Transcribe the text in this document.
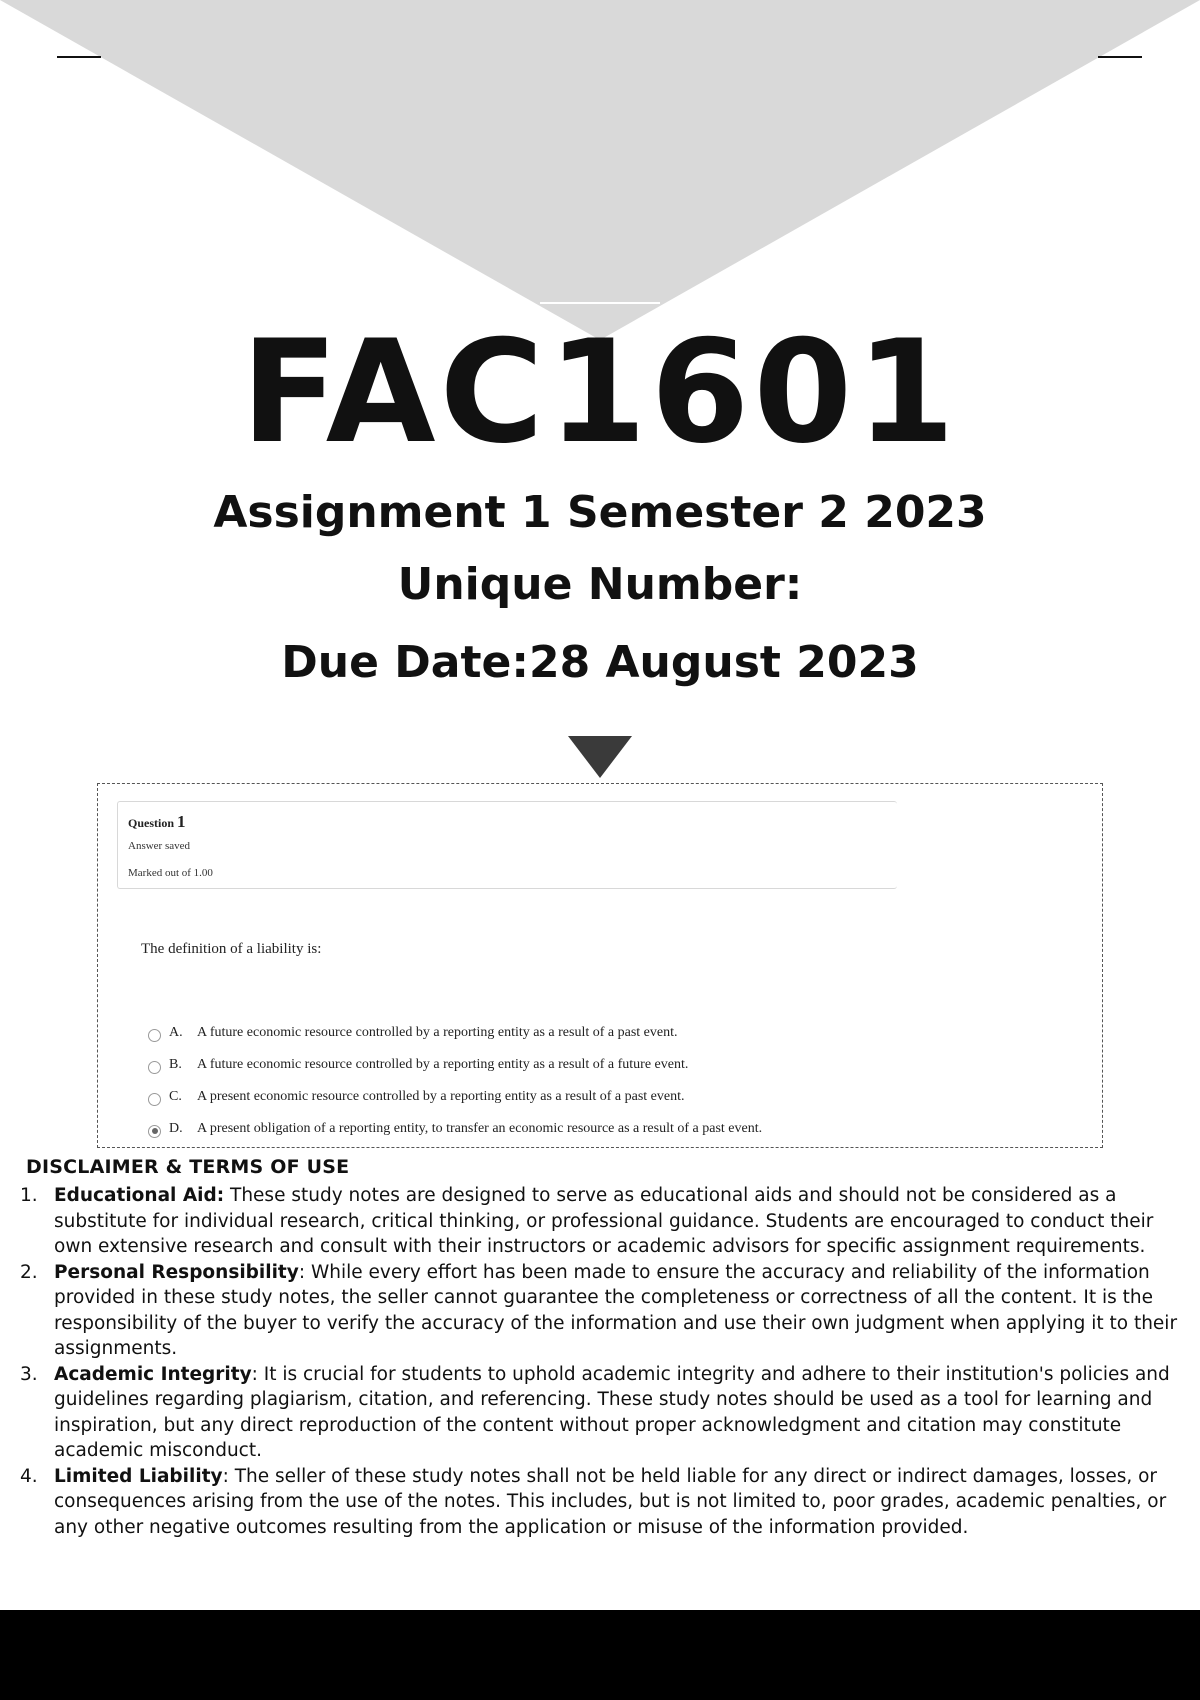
FAC1601
Assignment 1 Semester 2 2023
Unique Number:
Due Date:28 August 2023
Question 1
Answer saved
Marked out of 1.00
The definition of a liability is:
A.	A future economic resource controlled by a reporting entity as a result of a past event.
B.	A future economic resource controlled by a reporting entity as a result of a future event.
C.	A present economic resource controlled by a reporting entity as a result of a past event.
D.	A present obligation of a reporting entity, to transfer an economic resource as a result of a past event.
DISCLAIMER & TERMS OF USE
1. Educational Aid: These study notes are designed to serve as educational aids and should not be considered as a substitute for individual research, critical thinking, or professional guidance. Students are encouraged to conduct their own extensive research and consult with their instructors or academic advisors for specific assignment requirements.
2. Personal Responsibility: While every effort has been made to ensure the accuracy and reliability of the information provided in these study notes, the seller cannot guarantee the completeness or correctness of all the content. It is the responsibility of the buyer to verify the accuracy of the information and use their own judgment when applying it to their assignments.
3. Academic Integrity: It is crucial for students to uphold academic integrity and adhere to their institution's policies and guidelines regarding plagiarism, citation, and referencing. These study notes should be used as a tool for learning and inspiration, but any direct reproduction of the content without proper acknowledgment and citation may constitute academic misconduct.
4. Limited Liability: The seller of these study notes shall not be held liable for any direct or indirect damages, losses, or consequences arising from the use of the notes. This includes, but is not limited to, poor grades, academic penalties, or any other negative outcomes resulting from the application or misuse of the information provided.
